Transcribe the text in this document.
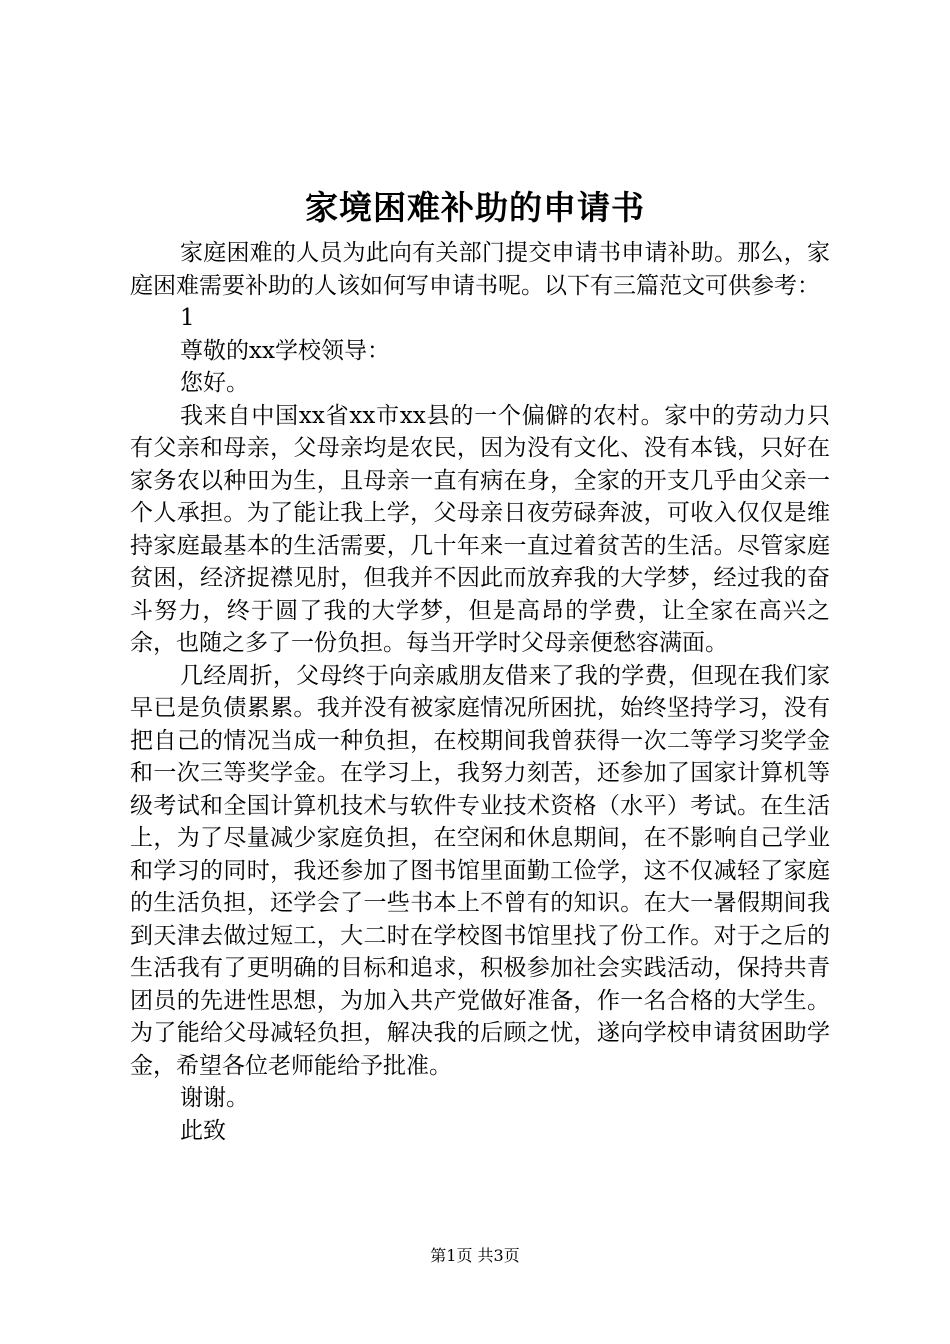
家境困难补助的申请书

家庭困难的人员为此向有关部门提交申请书申请补助。那么，家庭困难需要补助的人该如何写申请书呢。以下有三篇范文可供参考：

1

尊敬的xx学校领导：

您好。

我来自中国xx省xx市xx县的一个偏僻的农村。家中的劳动力只有父亲和母亲，父母亲均是农民，因为没有文化、没有本钱，只好在家务农以种田为生，且母亲一直有病在身，全家的开支几乎由父亲一个人承担。为了能让我上学，父母亲日夜劳碌奔波，可收入仅仅是维持家庭最基本的生活需要，几十年来一直过着贫苦的生活。尽管家庭贫困，经济捉襟见肘，但我并不因此而放弃我的大学梦，经过我的奋斗努力，终于圆了我的大学梦，但是高昂的学费，让全家在高兴之余，也随之多了一份负担。每当开学时父母亲便愁容满面。

几经周折，父母终于向亲戚朋友借来了我的学费，但现在我们家早已是负债累累。我并没有被家庭情况所困扰，始终坚持学习，没有把自己的情况当成一种负担，在校期间我曾获得一次二等学习奖学金和一次三等奖学金。在学习上，我努力刻苦，还参加了国家计算机等级考试和全国计算机技术与软件专业技术资格（水平）考试。在生活上，为了尽量减少家庭负担，在空闲和休息期间，在不影响自己学业和学习的同时，我还参加了图书馆里面勤工俭学，这不仅减轻了家庭的生活负担，还学会了一些书本上不曾有的知识。在大一暑假期间我到天津去做过短工，大二时在学校图书馆里找了份工作。对于之后的生活我有了更明确的目标和追求，积极参加社会实践活动，保持共青团员的先进性思想，为加入共产党做好准备，作一名合格的大学生。为了能给父母减轻负担，解决我的后顾之忧，遂向学校申请贫困助学金，希望各位老师能给予批准。

谢谢。

此致

第1页 共3页
